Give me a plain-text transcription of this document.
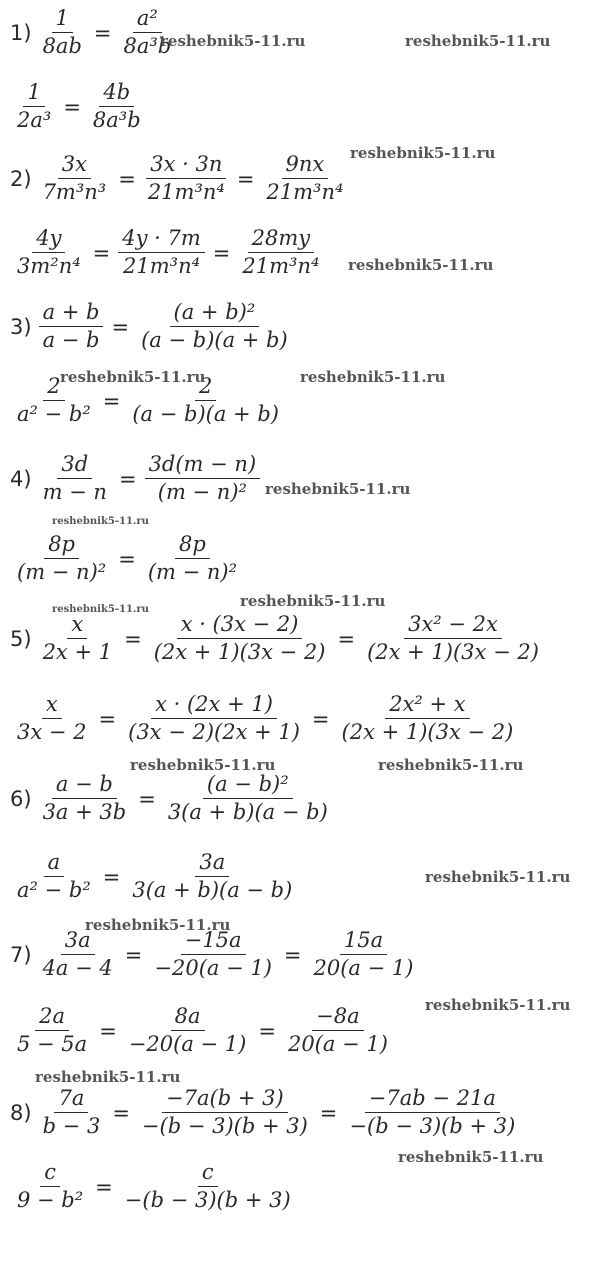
$1) \frac{1}{8ab} = \frac{\text{a²}}{\text{8a³b}}$
$\frac{1}{\text{2a³}} = \frac{4b}{\text{8a³b}}$
$2) \frac{3x}{\text{7m³n³}} = \frac{3x \cdot 3n}{\text{21m³n⁴}} = \frac{9nx}{\text{21m³n⁴}}$
$\frac{4y}{\text{3m²n⁴}} = \frac{4y \cdot 7m}{\text{21m³n⁴}} = \frac{28my}{\text{21m³n⁴}}$
$3) \frac{a + b}{a - b} = \frac{\text{(a + b)²}}{(a - b)(a + b)}$
$\frac{2}{\text{a² − b²}} = \frac{2}{(a - b)(a + b)}$
$4) \frac{3d}{m - n} = \frac{3d(m - n)}{\text{(m − n)²}}$
$\frac{8p}{\text{(m − n)²}} = \frac{8p}{\text{(m − n)²}}$
$5) \frac{x}{2x + 1} = \frac{x \cdot (3x - 2)}{(2x + 1)(3x - 2)} = \frac{\text{3x² − 2x}}{(2x + 1)(3x - 2)}$
$\frac{x}{3x - 2} = \frac{x \cdot (2x + 1)}{(3x - 2)(2x + 1)} = \frac{\text{2x² + x}}{(2x + 1)(3x - 2)}$
$6) \frac{a - b}{3a + 3b} = \frac{\text{(a − b)²}}{3(a + b)(a - b)}$
$\frac{a}{\text{a² − b²}} = \frac{3a}{3(a + b)(a - b)}$
$7) \frac{3a}{4a - 4} = \frac{-15a}{-20(a - 1)} = \frac{15a}{20(a - 1)}$
$\frac{2a}{5 - 5a} = \frac{8a}{-20(a - 1)} = \frac{-8a}{20(a - 1)}$
$8) \frac{7a}{b - 3} = \frac{-7a(b + 3)}{-(b - 3)(b + 3)} = \frac{-7ab - 21a}{-(b - 3)(b + 3)}$
$\frac{c}{\text{9 − b²}} = \frac{c}{-(b - 3)(b + 3)}$
reshebnik5-11.ru	reshebnik5-11.ru
reshebnik5-11.ru
reshebnik5-11.ru
reshebnik5-11.ru	reshebnik5-11.ru
reshebnik5-11.ru
reshebnik5-11.ru
reshebnik5-11.ru
reshebnik5-11.ru
reshebnik5-11.ru	reshebnik5-11.ru
reshebnik5-11.ru
reshebnik5-11.ru
reshebnik5-11.ru
reshebnik5-11.ru
reshebnik5-11.ru
